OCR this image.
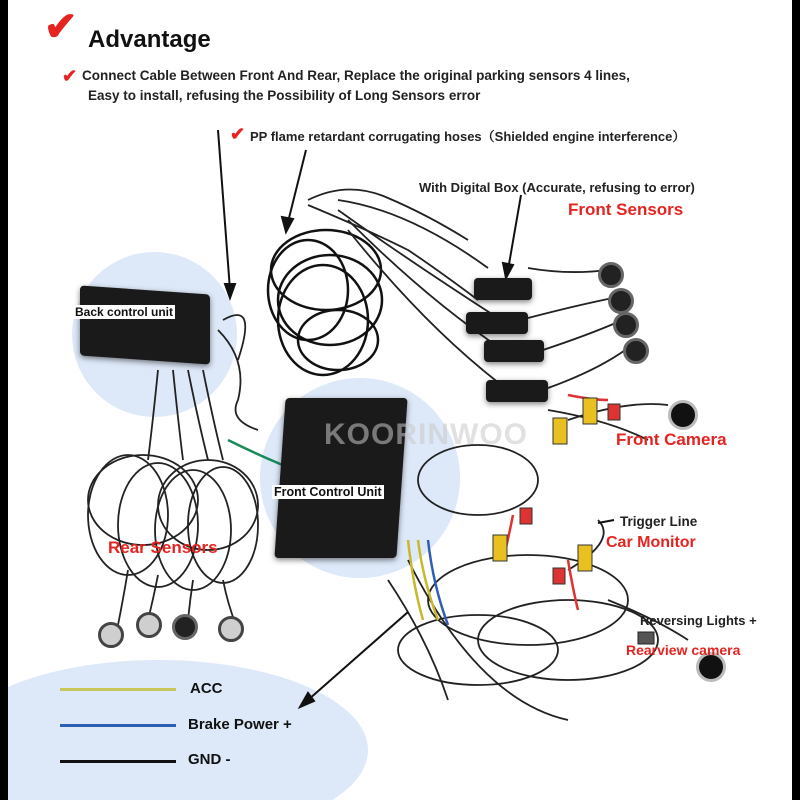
KOORINWOO
✔ Advantage
✔ Connect Cable Between Front And Rear, Replace the original parking sensors 4 lines,
Easy to install, refusing the Possibility of Long Sensors error
✔ PP flame retardant corrugating hoses（Shielded engine interference）
With Digital Box (Accurate, refusing to error)
Front Sensors
Back control unit
Front Control Unit
Front Camera
Rear Sensors
Trigger Line
Car Monitor
Reversing Lights +
Rearview camera
ACC
Brake Power +
GND -
